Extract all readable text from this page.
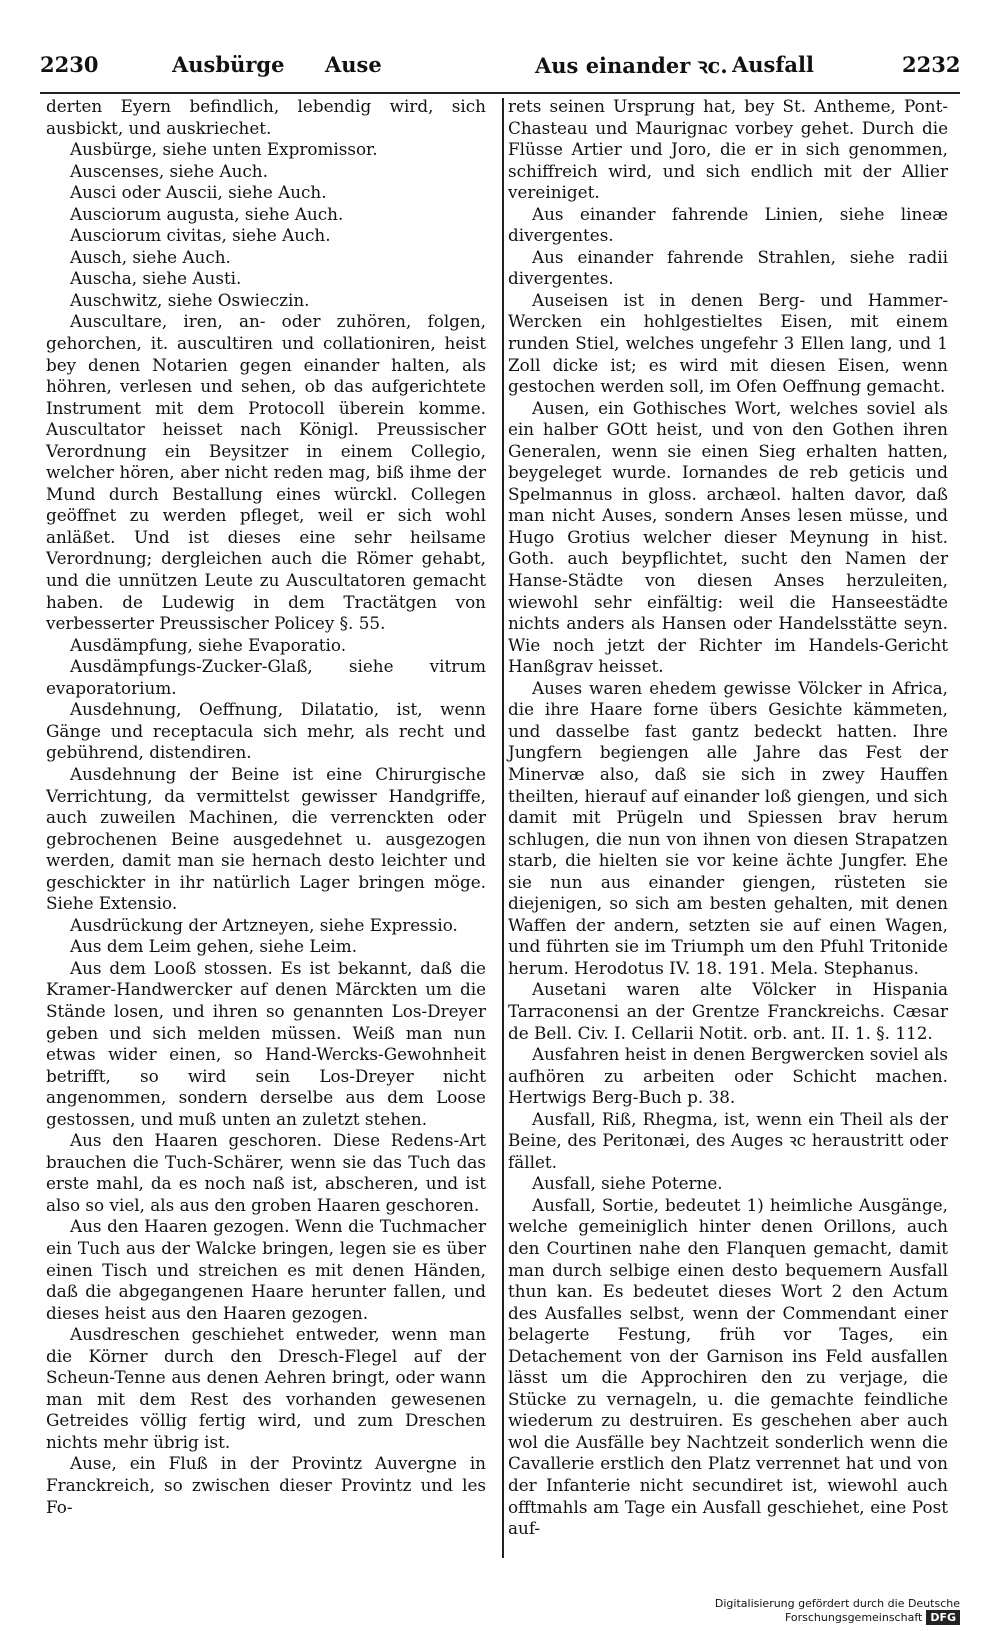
2230	Ausbürge Ause	Aus einander ꝛc. Ausfall	2232

derten Eyern befindlich, lebendig wird, sich ausbickt, und auskriechet.

Ausbürge, siehe unten Expromissor.

Auscenses, siehe Auch.

Ausci oder Auscii, siehe Auch.

Ausciorum augusta, siehe Auch.

Ausciorum civitas, siehe Auch.

Ausch, siehe Auch.

Auscha, siehe Austi.

Auschwitz, siehe Oswieczin.

Auscultare, iren, an- oder zuhören, folgen, gehorchen, it. auscultiren und collationiren, heist bey denen Notarien gegen einander halten, als höhren, verlesen und sehen, ob das aufgerichtete Instrument mit dem Protocoll überein komme. Auscultator heisset nach Königl. Preussischer Verordnung ein Beysitzer in einem Collegio, welcher hören, aber nicht reden mag, biß ihme der Mund durch Bestallung eines würckl. Collegen geöffnet zu werden pfleget, weil er sich wohl anläßet. Und ist dieses eine sehr heilsame Verordnung; dergleichen auch die Römer gehabt, und die unnützen Leute zu Auscultatoren gemacht haben. de Ludewig in dem Tractätgen von verbesserter Preussischer Policey §. 55.

Ausdämpfung, siehe Evaporatio.

Ausdämpfungs-Zucker-Glaß, siehe vitrum evaporatorium.

Ausdehnung, Oeffnung, Dilatatio, ist, wenn Gänge und receptacula sich mehr, als recht und gebührend, distendiren.

Ausdehnung der Beine ist eine Chirurgische Verrichtung, da vermittelst gewisser Handgriffe, auch zuweilen Machinen, die verrenckten oder gebrochenen Beine ausgedehnet u. ausgezogen werden, damit man sie hernach desto leichter und geschickter in ihr natürlich Lager bringen möge. Siehe Extensio.

Ausdrückung der Artzneyen, siehe Expressio.

Aus dem Leim gehen, siehe Leim.

Aus dem Looß stossen. Es ist bekannt, daß die Kramer-Handwercker auf denen Märckten um die Stände losen, und ihren so genannten Los-Dreyer geben und sich melden müssen. Weiß man nun etwas wider einen, so Hand-Wercks-Gewohnheit betrifft, so wird sein Los-Dreyer nicht angenommen, sondern derselbe aus dem Loose gestossen, und muß unten an zuletzt stehen.

Aus den Haaren geschoren. Diese Redens-Art brauchen die Tuch-Schärer, wenn sie das Tuch das erste mahl, da es noch naß ist, abscheren, und ist also so viel, als aus den groben Haaren geschoren.

Aus den Haaren gezogen. Wenn die Tuchmacher ein Tuch aus der Walcke bringen, legen sie es über einen Tisch und streichen es mit denen Händen, daß die abgegangenen Haare herunter fallen, und dieses heist aus den Haaren gezogen.

Ausdreschen geschiehet entweder, wenn man die Körner durch den Dresch-Flegel auf der Scheun-Tenne aus denen Aehren bringt, oder wann man mit dem Rest des vorhanden gewesenen Getreides völlig fertig wird, und zum Dreschen nichts mehr übrig ist.

Ause, ein Fluß in der Provintz Auvergne in Franckreich, so zwischen dieser Provintz und les Fo-

rets seinen Ursprung hat, bey St. Antheme, Pont-Chasteau und Maurignac vorbey gehet. Durch die Flüsse Artier und Joro, die er in sich genommen, schiffreich wird, und sich endlich mit der Allier vereiniget.

Aus einander fahrende Linien, siehe lineæ divergentes.

Aus einander fahrende Strahlen, siehe radii divergentes.

Auseisen ist in denen Berg- und Hammer-Wercken ein hohlgestieltes Eisen, mit einem runden Stiel, welches ungefehr 3 Ellen lang, und 1 Zoll dicke ist; es wird mit diesen Eisen, wenn gestochen werden soll, im Ofen Oeffnung gemacht.

Ausen, ein Gothisches Wort, welches soviel als ein halber GOtt heist, und von den Gothen ihren Generalen, wenn sie einen Sieg erhalten hatten, beygeleget wurde. Iornandes de reb geticis und Spelmannus in gloss. archæol. halten davor, daß man nicht Auses, sondern Anses lesen müsse, und Hugo Grotius welcher dieser Meynung in hist. Goth. auch beypflichtet, sucht den Namen der Hanse-Städte von diesen Anses herzuleiten, wiewohl sehr einfältig: weil die Hanseestädte nichts anders als Hansen oder Handelsstätte seyn. Wie noch jetzt der Richter im Handels-Gericht Hanßgrav heisset.

Auses waren ehedem gewisse Völcker in Africa, die ihre Haare forne übers Gesichte kämmeten, und dasselbe fast gantz bedeckt hatten. Ihre Jungfern begiengen alle Jahre das Fest der Minervæ also, daß sie sich in zwey Hauffen theilten, hierauf auf einander loß giengen, und sich damit mit Prügeln und Spiessen brav herum schlugen, die nun von ihnen von diesen Strapatzen starb, die hielten sie vor keine ächte Jungfer. Ehe sie nun aus einander giengen, rüsteten sie diejenigen, so sich am besten gehalten, mit denen Waffen der andern, setzten sie auf einen Wagen, und führten sie im Triumph um den Pfuhl Tritonide herum. Herodotus IV. 18. 191. Mela. Stephanus.

Ausetani waren alte Völcker in Hispania Tarraconensi an der Grentze Franckreichs. Cæsar de Bell. Civ. I. Cellarii Notit. orb. ant. II. 1. §. 112.

Ausfahren heist in denen Bergwercken soviel als aufhören zu arbeiten oder Schicht machen. Hertwigs Berg-Buch p. 38.

Ausfall, Riß, Rhegma, ist, wenn ein Theil als der Beine, des Peritonæi, des Auges ꝛc heraustritt oder fället.

Ausfall, siehe Poterne.

Ausfall, Sortie, bedeutet 1) heimliche Ausgänge, welche gemeiniglich hinter denen Orillons, auch den Courtinen nahe den Flanquen gemacht, damit man durch selbige einen desto bequemern Ausfall thun kan. Es bedeutet dieses Wort 2 den Actum des Ausfalles selbst, wenn der Commendant einer belagerte Festung, früh vor Tages, ein Detachement von der Garnison ins Feld ausfallen lässt um die Approchiren den zu verjage, die Stücke zu vernageln, u. die gemachte feindliche wiederum zu destruiren. Es geschehen aber auch wol die Ausfälle bey Nachtzeit sonderlich wenn die Cavallerie erstlich den Platz verrennet hat und von der Infanterie nicht secundiret ist, wiewohl auch offtmahls am Tage ein Ausfall geschiehet, eine Post auf-

Digitalisierung gefördert durch die Deutsche Forschungsgemeinschaft DFG
